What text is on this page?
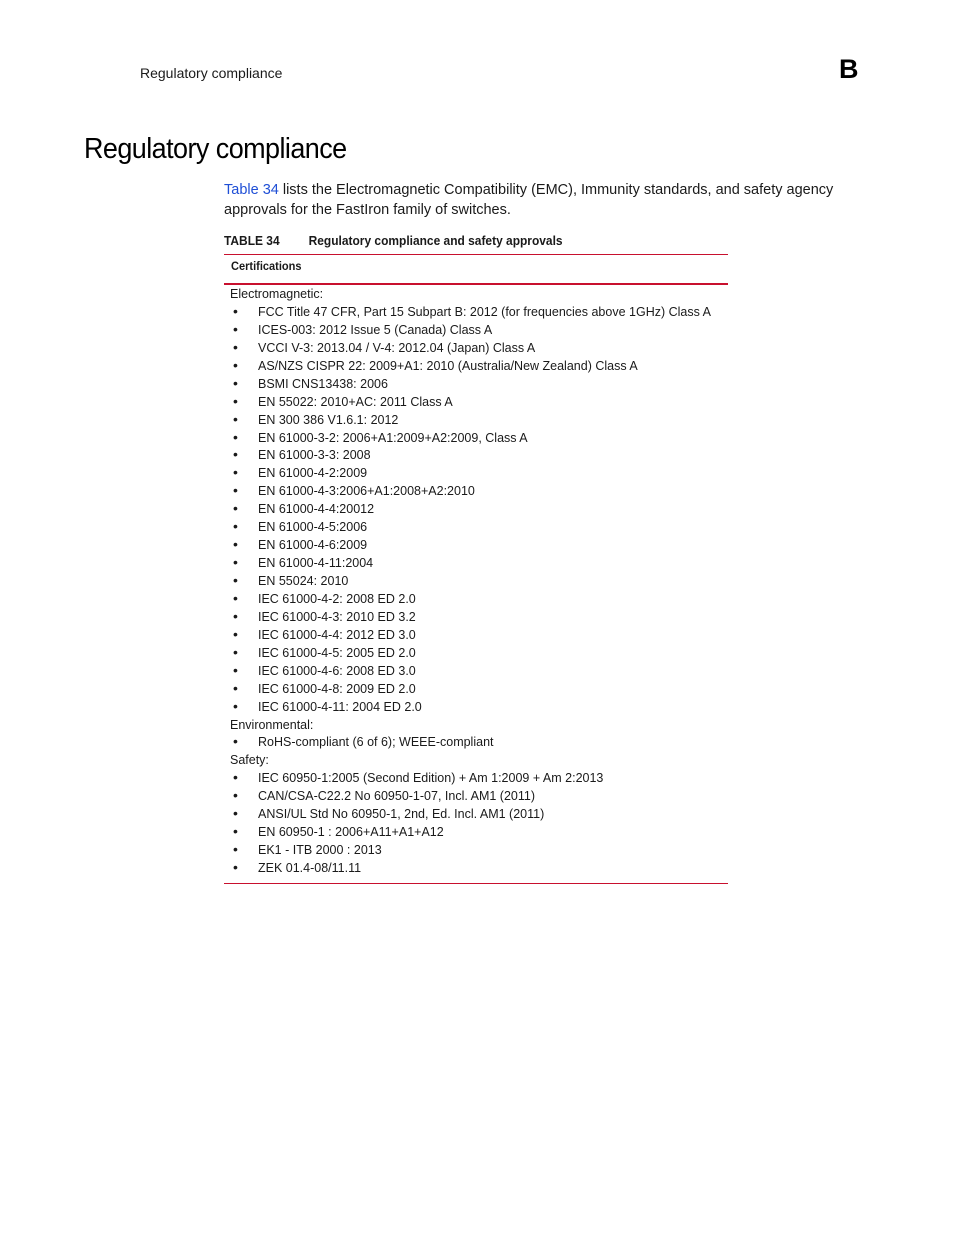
Regulatory compliance	B
Regulatory compliance

Table 34 lists the Electromagnetic Compatibility (EMC), Immunity standards, and safety agency approvals for the FastIron family of switches.

TABLE 34 Regulatory compliance and safety approvals
Certifications
Electromagnetic:
• FCC Title 47 CFR, Part 15 Subpart B: 2012 (for frequencies above 1GHz) Class A
• ICES-003: 2012 Issue 5 (Canada) Class A
• VCCI V-3: 2013.04 / V-4: 2012.04 (Japan) Class A
• AS/NZS CISPR 22: 2009+A1: 2010 (Australia/New Zealand) Class A
• BSMI CNS13438: 2006
• EN 55022: 2010+AC: 2011 Class A
• EN 300 386 V1.6.1: 2012
• EN 61000-3-2: 2006+A1:2009+A2:2009, Class A
• EN 61000-3-3: 2008
• EN 61000-4-2:2009
• EN 61000-4-3:2006+A1:2008+A2:2010
• EN 61000-4-4:20012
• EN 61000-4-5:2006
• EN 61000-4-6:2009
• EN 61000-4-11:2004
• EN 55024: 2010
• IEC 61000-4-2: 2008 ED 2.0
• IEC 61000-4-3: 2010 ED 3.2
• IEC 61000-4-4: 2012 ED 3.0
• IEC 61000-4-5: 2005 ED 2.0
• IEC 61000-4-6: 2008 ED 3.0
• IEC 61000-4-8: 2009 ED 2.0
• IEC 61000-4-11: 2004 ED 2.0
Environmental:
• RoHS-compliant (6 of 6); WEEE-compliant
Safety:
• IEC 60950-1:2005 (Second Edition) + Am 1:2009 + Am 2:2013
• CAN/CSA-C22.2 No 60950-1-07, Incl. AM1 (2011)
• ANSI/UL Std No 60950-1, 2nd, Ed. Incl. AM1 (2011)
• EN 60950-1 : 2006+A11+A1+A12
• EK1 - ITB 2000 : 2013
• ZEK 01.4-08/11.11
